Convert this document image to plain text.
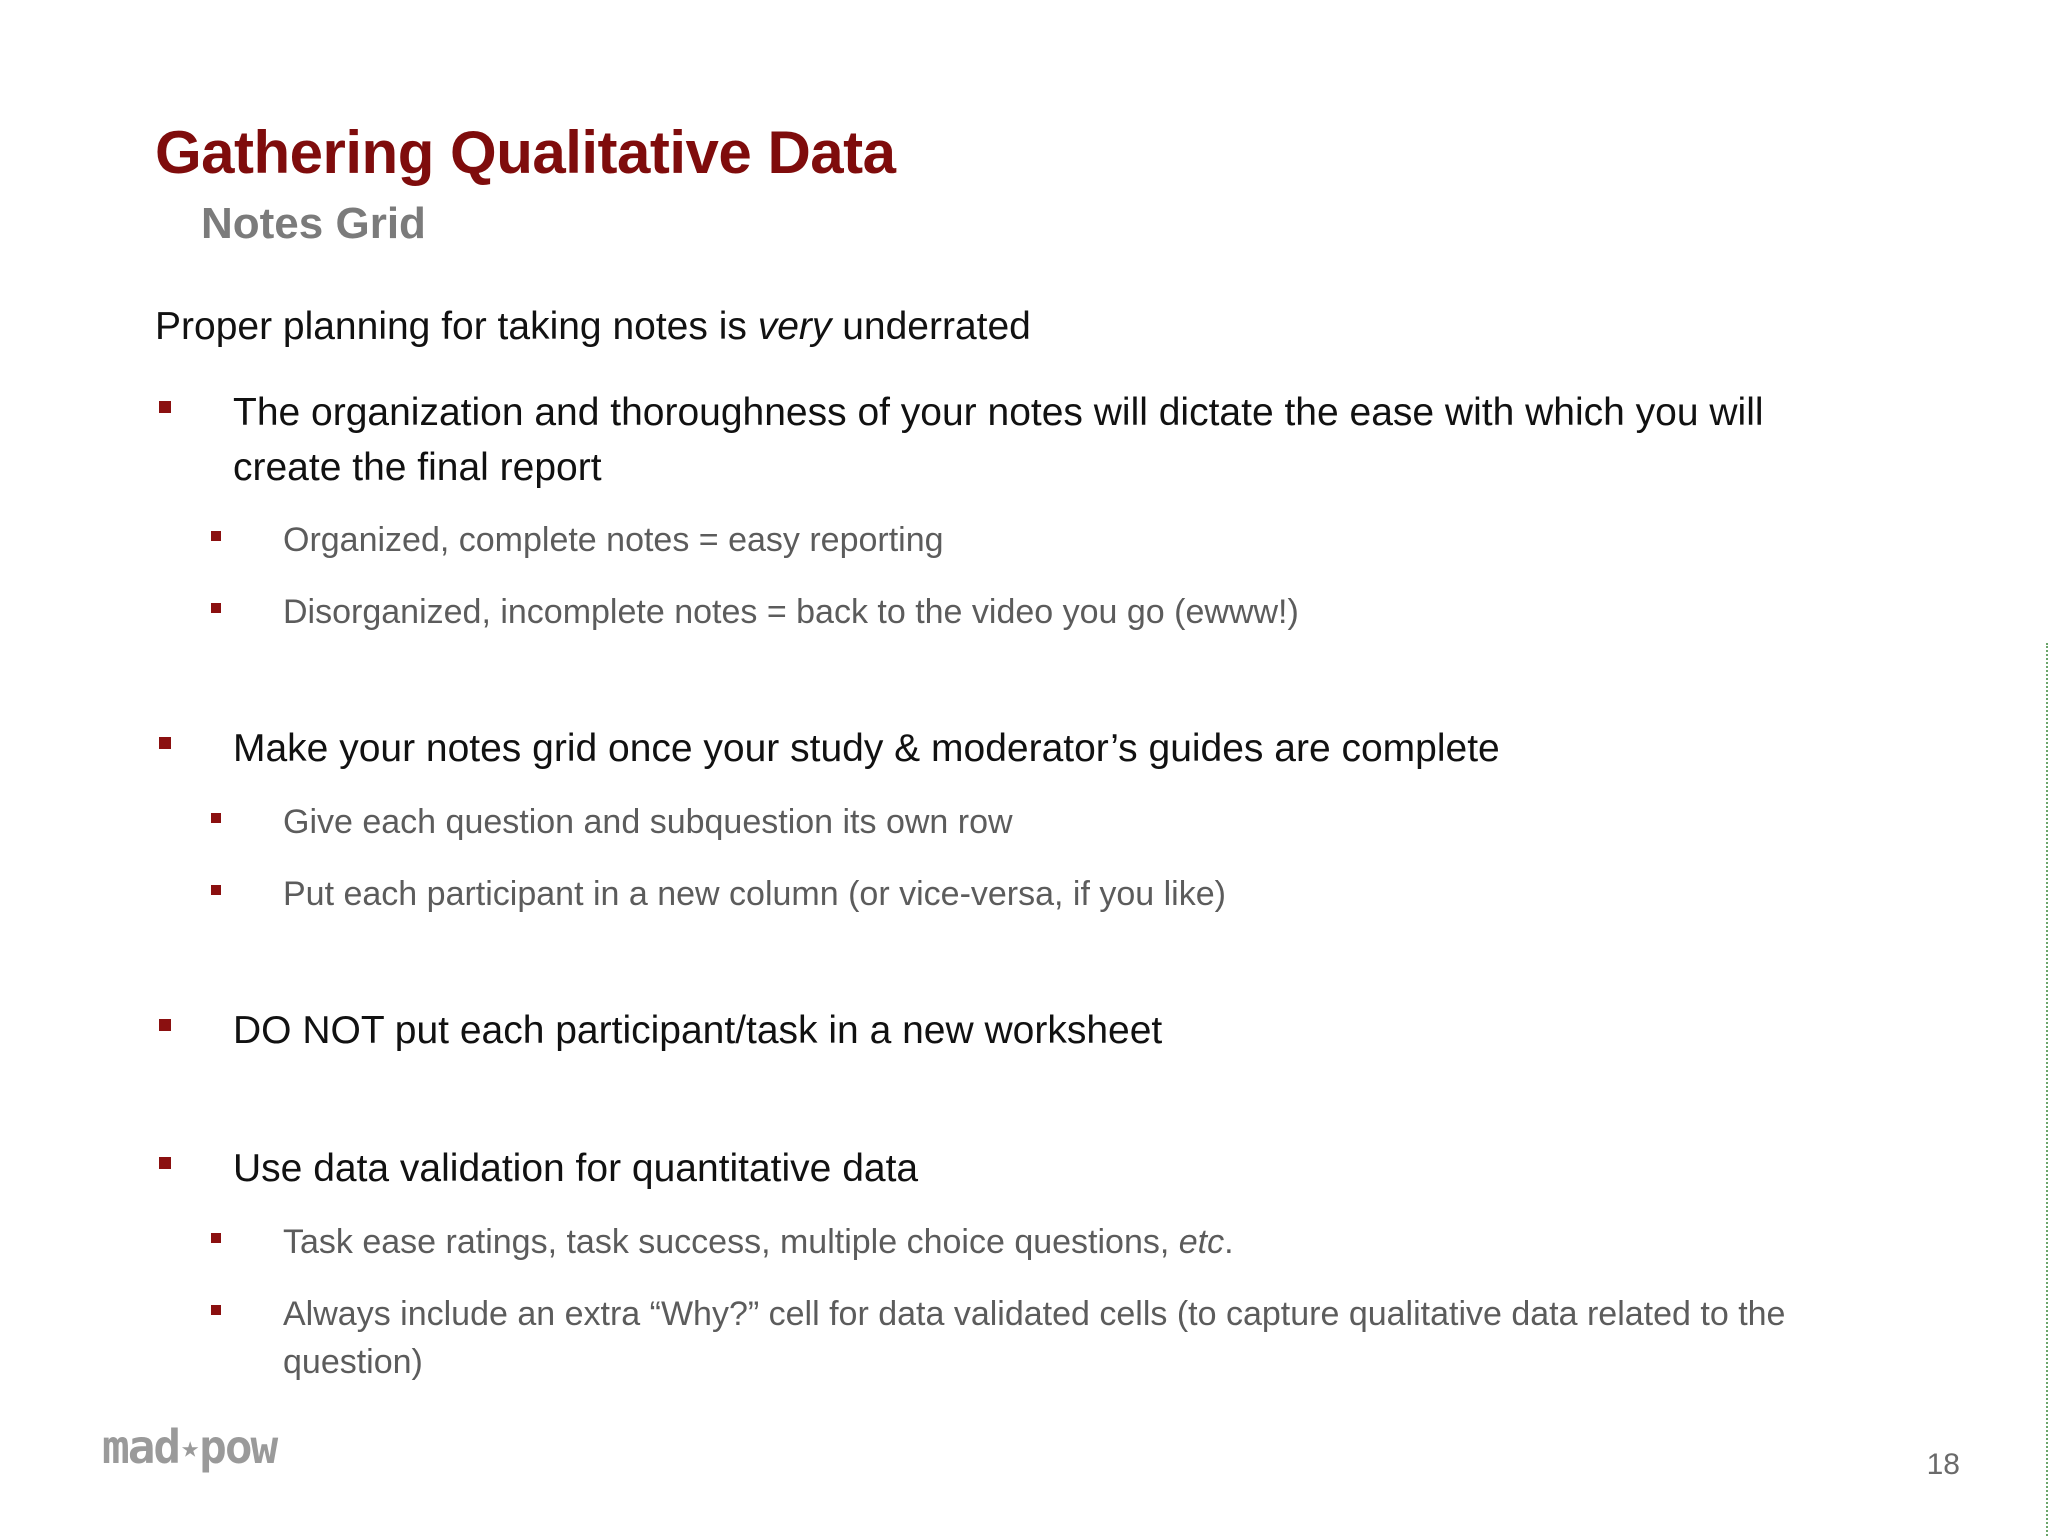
Gathering Qualitative Data
Notes Grid

Proper planning for taking notes is very underrated

The organization and thoroughness of your notes will dictate the ease with which you will create the final report
Organized, complete notes = easy reporting
Disorganized, incomplete notes = back to the video you go (ewww!)
Make your notes grid once your study & moderator’s guides are complete
Give each question and subquestion its own row
Put each participant in a new column (or vice-versa, if you like)
DO NOT put each participant/task in a new worksheet
Use data validation for quantitative data
Task ease ratings, task success, multiple choice questions, etc.
Always include an extra “Why?” cell for data validated cells (to capture qualitative data related to the question)
mad★pow	18
